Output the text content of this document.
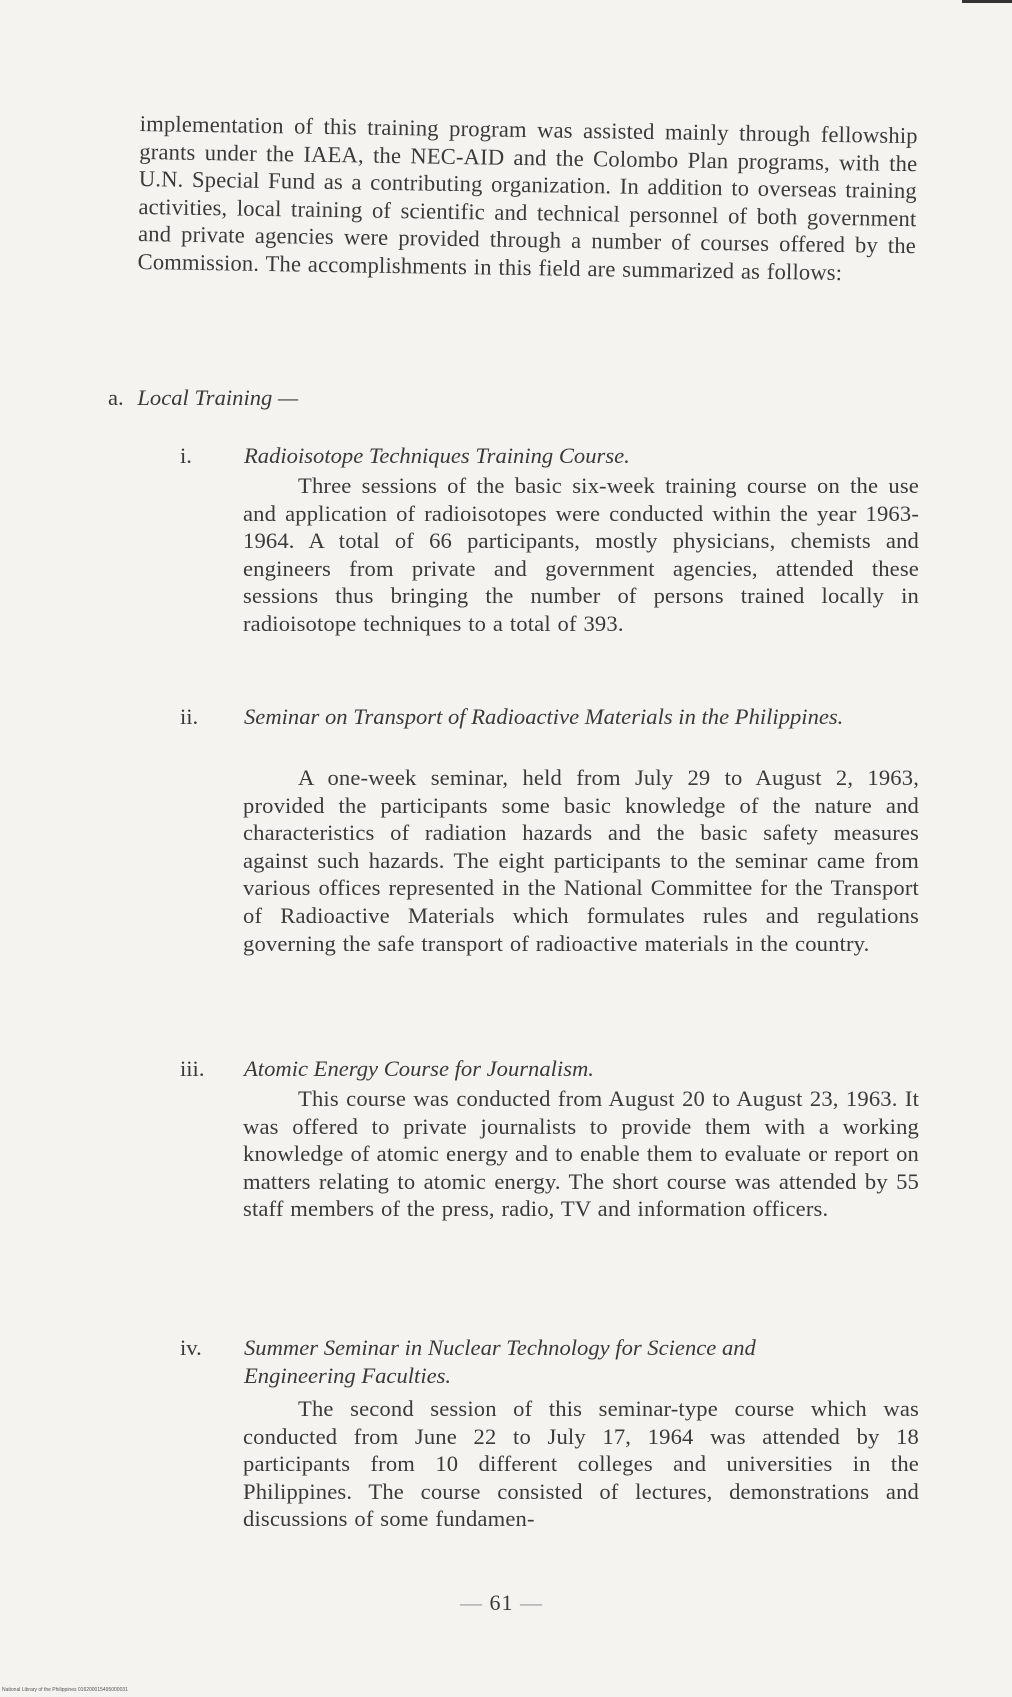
implementation of this training program was assisted mainly through fellowship grants under the IAEA, the NEC-AID and the Colombo Plan programs, with the U.N. Special Fund as a contributing organization. In addition to overseas training activities, local training of scientific and technical personnel of both government and private agencies were provided through a number of courses offered by the Commission. The accomplishments in this field are summarized as follows:

a. Local Training —
i. Radioisotope Techniques Training Course.

Three sessions of the basic six-week training course on the use and application of radioisotopes were conducted within the year 1963-1964. A total of 66 participants, mostly physicians, chemists and engineers from private and government agencies, attended these sessions thus bringing the number of persons trained locally in radioisotope techniques to a total of 393.

ii. Seminar on Transport of Radioactive Materials in the Philippines.

A one-week seminar, held from July 29 to August 2, 1963, provided the participants some basic knowledge of the nature and characteristics of radiation hazards and the basic safety measures against such hazards. The eight participants to the seminar came from various offices represented in the National Committee for the Transport of Radioactive Materials which formulates rules and regulations governing the safe transport of radioactive materials in the country.

iii. Atomic Energy Course for Journalism.

This course was conducted from August 20 to August 23, 1963. It was offered to private journalists to provide them with a working knowledge of atomic energy and to enable them to evaluate or report on matters relating to atomic energy. The short course was attended by 55 staff members of the press, radio, TV and information officers.

iv. Summer Seminar in Nuclear Technology for Science and Engineering Faculties.

The second session of this seminar-type course which was conducted from June 22 to July 17, 1964 was attended by 18 participants from 10 different colleges and universities in the Philippines. The course consisted of lectures, demonstrations and discussions of some fundamen-

— 61 —
National Library of the Philippines 016200015495000031
